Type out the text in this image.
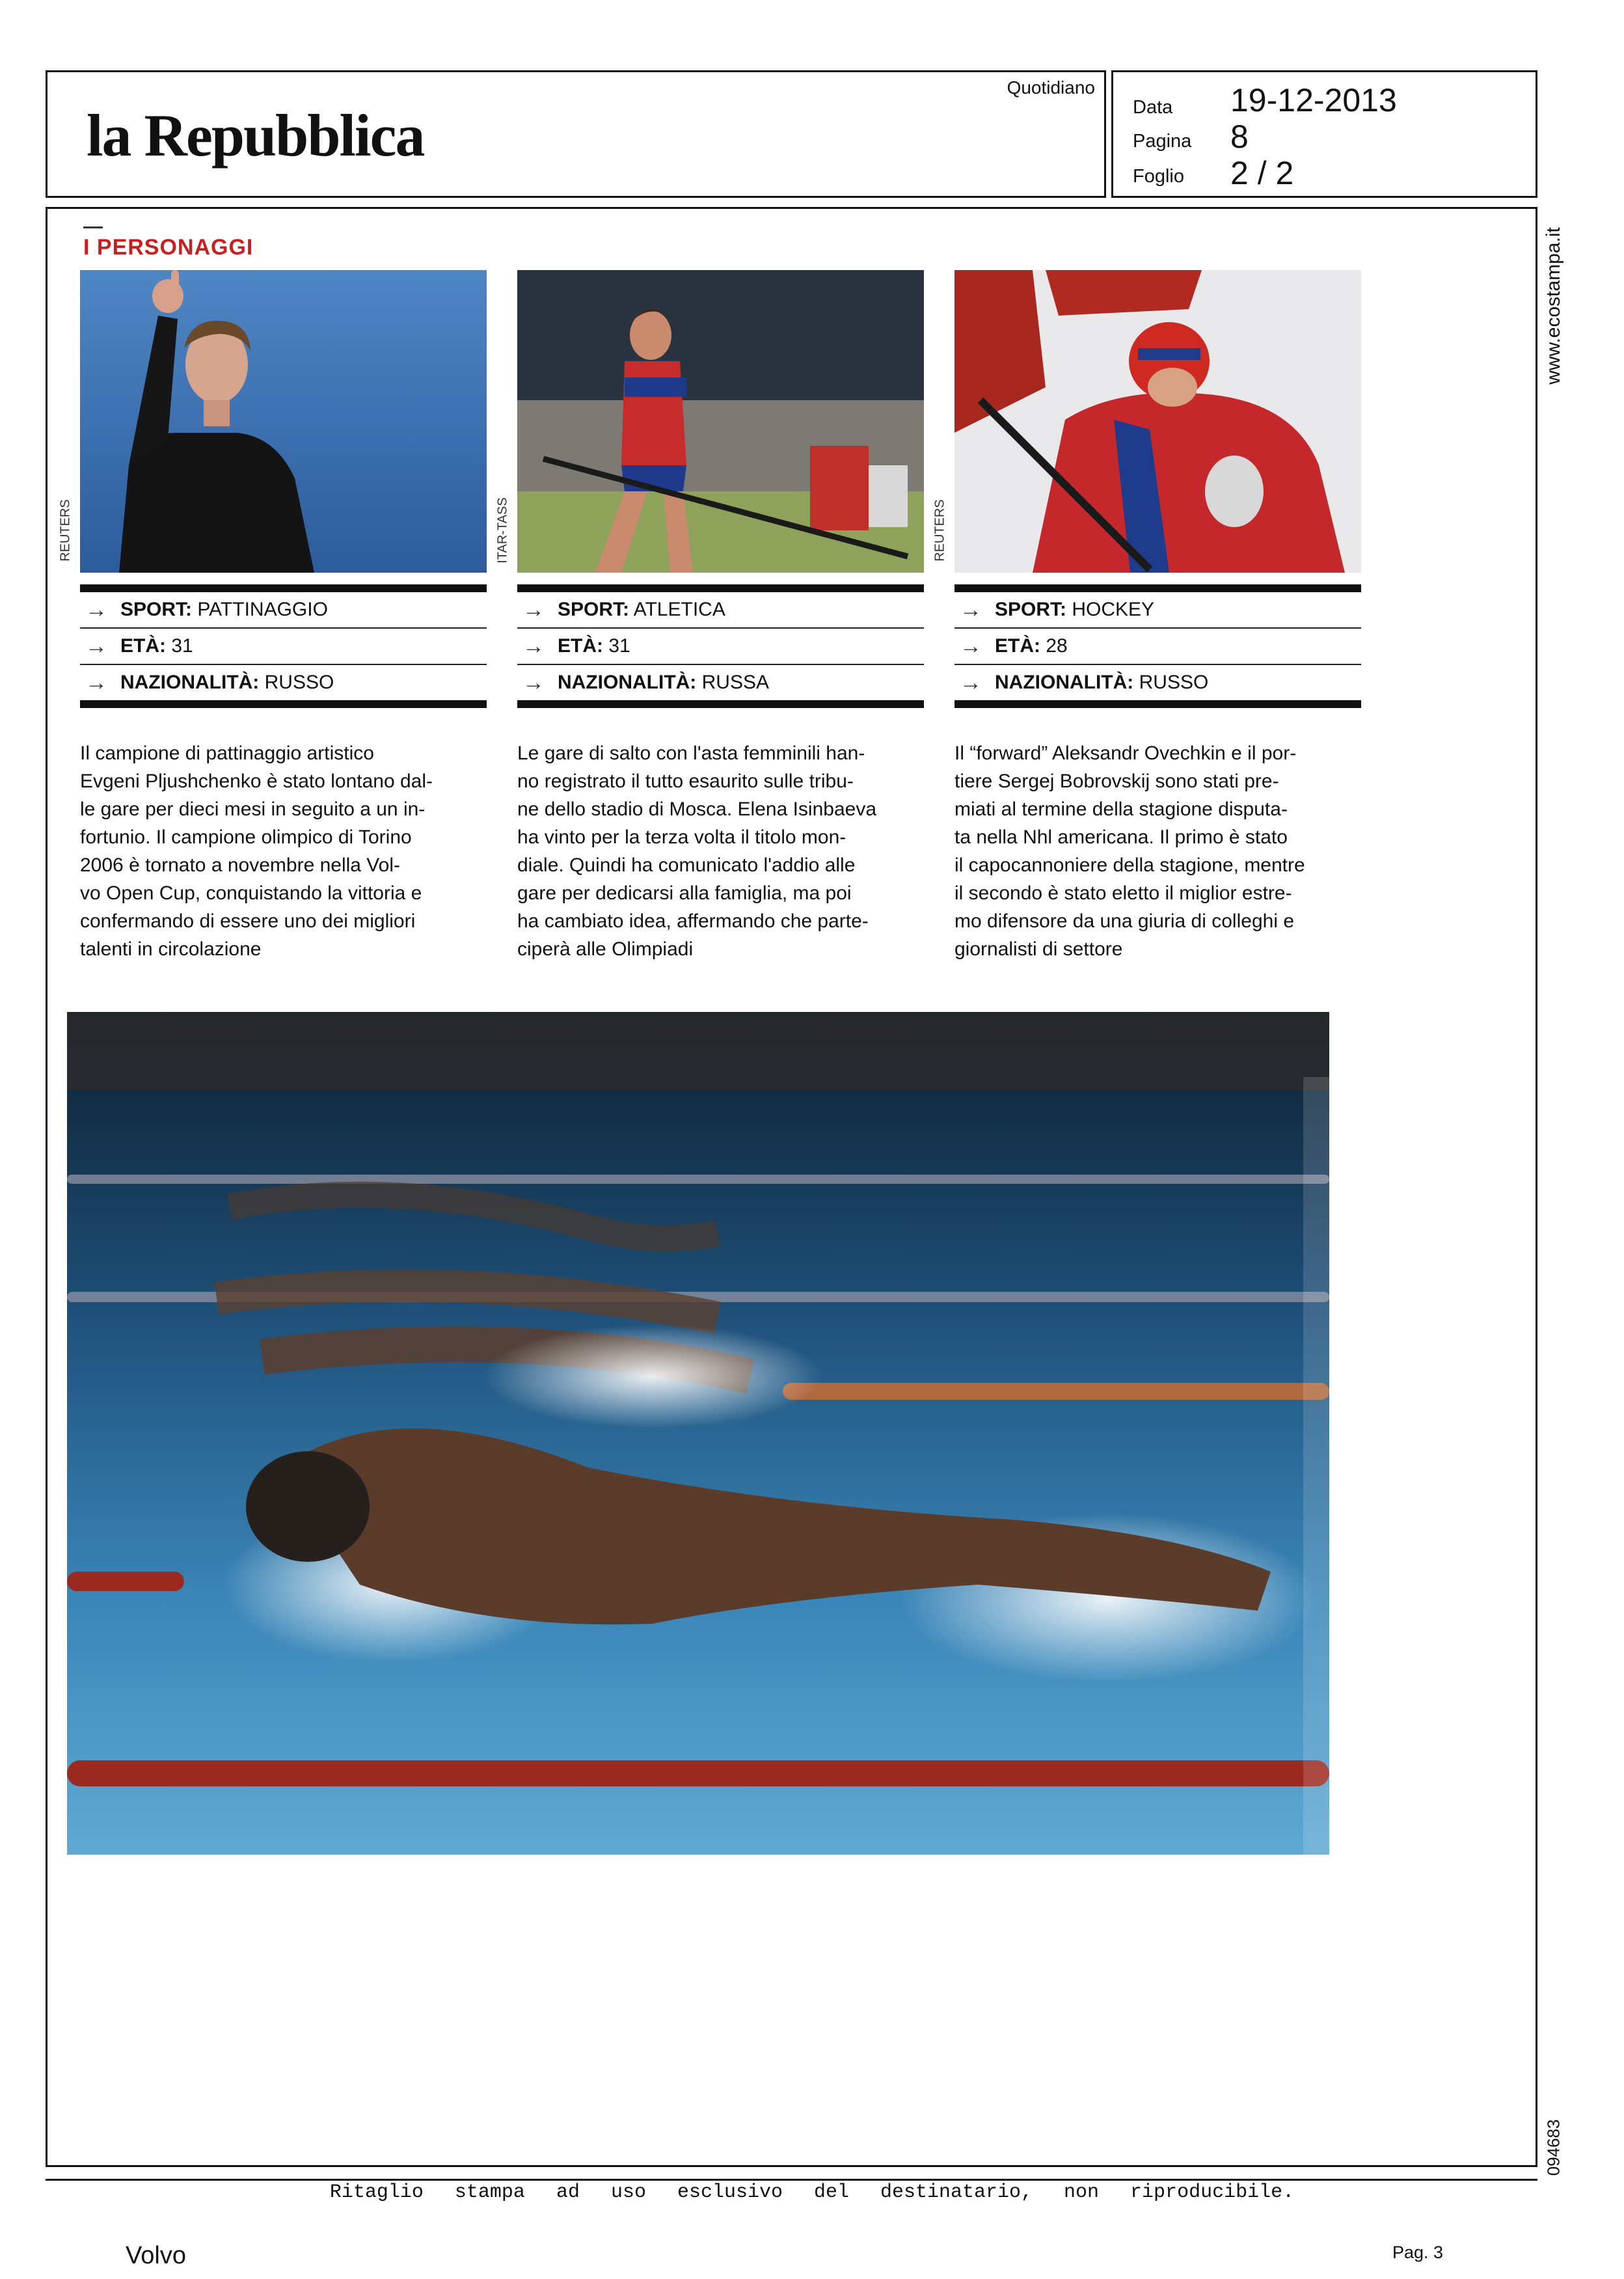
la Repubblica
Quotidiano
Data	19-12-2013
Pagina	8
Foglio	2 / 2
www.ecostampa.it
094683
I PERSONAGGI
REUTERS
→ SPORT: PATTINAGGIO
→ ETÀ: 31
→ NAZIONALITÀ: RUSSO
Il campione di pattinaggio artistico
Evgeni Pljushchenko è stato lontano dal-
le gare per dieci mesi in seguito a un in-
fortunio. Il campione olimpico di Torino
2006 è tornato a novembre nella Vol-
vo Open Cup, conquistando la vittoria e
confermando di essere uno dei migliori
talenti in circolazione
ITAR-TASS
→ SPORT: ATLETICA
→ ETÀ: 31
→ NAZIONALITÀ: RUSSA
Le gare di salto con l'asta femminili han-
no registrato il tutto esaurito sulle tribu-
ne dello stadio di Mosca. Elena Isinbaeva
ha vinto per la terza volta il titolo mon-
diale. Quindi ha comunicato l'addio alle
gare per dedicarsi alla famiglia, ma poi
ha cambiato idea, affermando che parte-
ciperà alle Olimpiadi
REUTERS
→ SPORT: HOCKEY
→ ETÀ: 28
→ NAZIONALITÀ: RUSSO
Il “forward” Aleksandr Ovechkin e il por-
tiere Sergej Bobrovskij sono stati pre-
miati al termine della stagione disputa-
ta nella Nhl americana. Il primo è stato
il capocannoniere della stagione, mentre
il secondo è stato eletto il miglior estre-
mo difensore da una giuria di colleghi e
giornalisti di settore
Ritaglio stampa ad uso esclusivo del destinatario, non riproducibile.
Volvo	Pag. 3
